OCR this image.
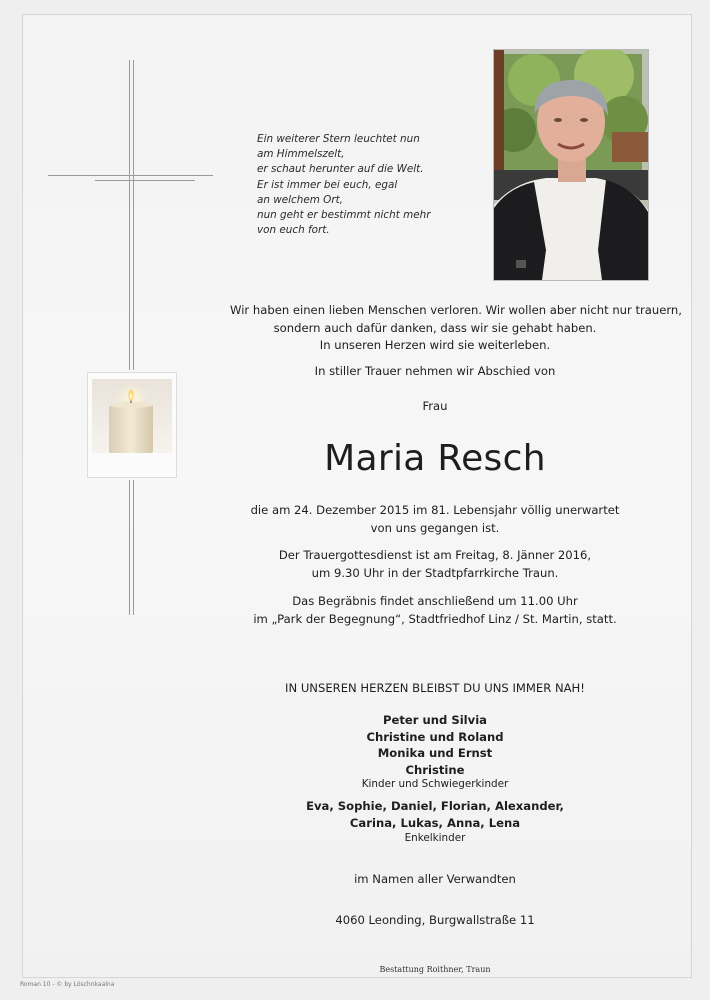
Ein weiterer Stern leuchtet nun
am Himmelszelt,
er schaut herunter auf die Welt.
Er ist immer bei euch, egal
an welchem Ort,
nun geht er bestimmt nicht mehr
von euch fort.
Wir haben einen lieben Menschen verloren. Wir wollen aber nicht nur trauern,
sondern auch dafür danken, dass wir sie gehabt haben.
In unseren Herzen wird sie weiterleben.
In stiller Trauer nehmen wir Abschied von
Frau
Maria Resch
die am 24. Dezember 2015 im 81. Lebensjahr völlig unerwartet
von uns gegangen ist.
Der Trauergottesdienst ist am Freitag, 8. Jänner 2016,
um 9.30 Uhr in der Stadtpfarrkirche Traun.
Das Begräbnis findet anschließend um 11.00 Uhr
im „Park der Begegnung“, Stadtfriedhof Linz / St. Martin, statt.
IN UNSEREN HERZEN BLEIBST DU UNS IMMER NAH!
Peter und Silvia
Christine und Roland
Monika und Ernst
Christine
Kinder und Schwiegerkinder
Eva, Sophie, Daniel, Florian, Alexander,
Carina, Lukas, Anna, Lena
Enkelkinder
im Namen aller Verwandten
4060 Leonding, Burgwallstraße 11
Bestattung Roithner, Traun
Roman 10 - © by Löschnkaalna
